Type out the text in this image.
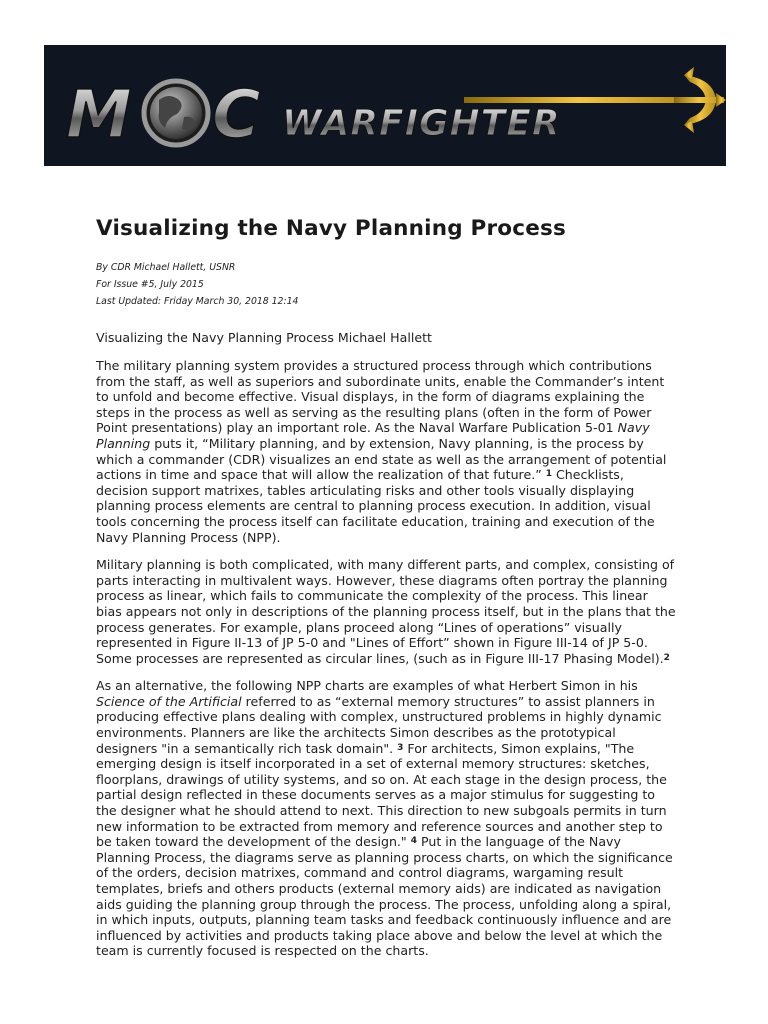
M C WARFIGHTER
Visualizing the Navy Planning Process

By CDR Michael Hallett, USNR

For Issue #5, July 2015

Last Updated: Friday March 30, 2018 12:14

Visualizing the Navy Planning Process Michael Hallett

The military planning system provides a structured process through which contributions from the staff, as well as superiors and subordinate units, enable the Commander’s intent to unfold and become effective. Visual displays, in the form of diagrams explaining the steps in the process as well as serving as the resulting plans (often in the form of Power Point presentations) play an important role. As the Naval Warfare Publication 5-01 Navy Planning puts it, “Military planning, and by extension, Navy planning, is the process by which a commander (CDR) visualizes an end state as well as the arrangement of potential actions in time and space that will allow the realization of that future.” $^1$ Checklists, decision support matrixes, tables articulating risks and other tools visually displaying planning process elements are central to planning process execution. In addition, visual tools concerning the process itself can facilitate education, training and execution of the Navy Planning Process (NPP).

Military planning is both complicated, with many different parts, and complex, consisting of parts interacting in multivalent ways. However, these diagrams often portray the planning process as linear, which fails to communicate the complexity of the process. This linear bias appears not only in descriptions of the planning process itself, but in the plans that the process generates. For example, plans proceed along “Lines of operations” visually represented in Figure II-13 of JP 5-0 and "Lines of Effort” shown in Figure III-14 of JP 5-0. Some processes are represented as circular lines, (such as in Figure III-17 Phasing Model).$^2$

As an alternative, the following NPP charts are examples of what Herbert Simon in his Science of the Artificial referred to as “external memory structures” to assist planners in producing effective plans dealing with complex, unstructured problems in highly dynamic environments. Planners are like the architects Simon describes as the prototypical designers "in a semantically rich task domain". $^3$ For architects, Simon explains, "The emerging design is itself incorporated in a set of external memory structures: sketches, floorplans, drawings of utility systems, and so on. At each stage in the design process, the partial design reflected in these documents serves as a major stimulus for suggesting to the designer what he should attend to next. This direction to new subgoals permits in turn new information to be extracted from memory and reference sources and another step to be taken toward the development of the design." $^4$ Put in the language of the Navy Planning Process, the diagrams serve as planning process charts, on which the significance of the orders, decision matrixes, command and control diagrams, wargaming result templates, briefs and others products (external memory aids) are indicated as navigation aids guiding the planning group through the process. The process, unfolding along a spiral, in which inputs, outputs, planning team tasks and feedback continuously influence and are influenced by activities and products taking place above and below the level at which the team is currently focused is respected on the charts.
